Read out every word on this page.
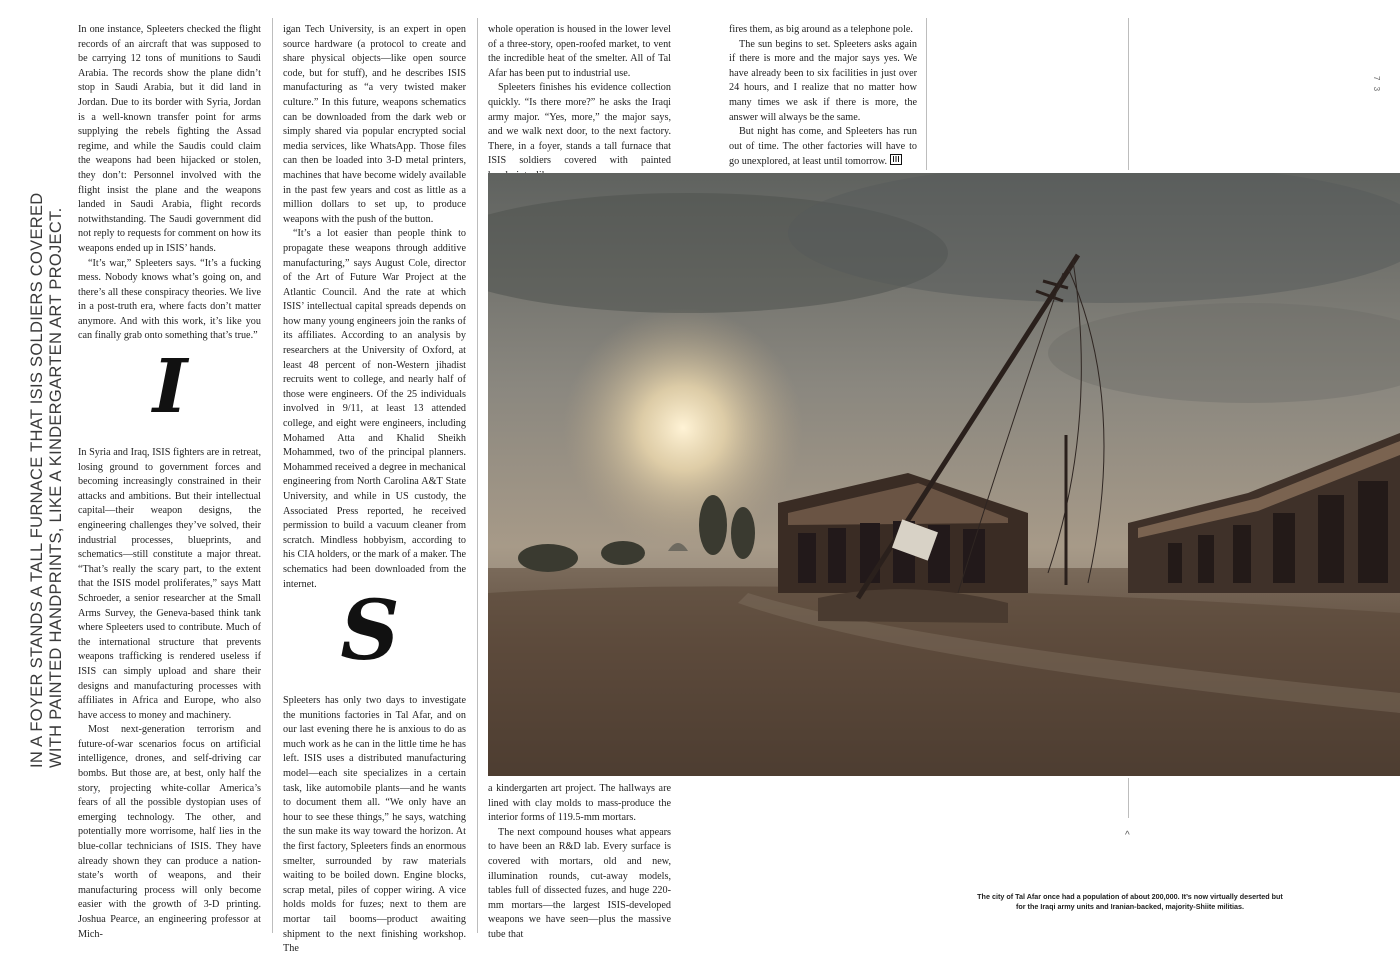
IN A FOYER STANDS A TALL FURNACE THAT ISIS SOLDIERS COVERED WITH PAINTED HANDPRINTS, LIKE A KINDERGARTEN ART PROJECT.

In one instance, Spleeters checked the flight records of an aircraft that was supposed to be carrying 12 tons of munitions to Saudi Arabia. The records show the plane didn’t stop in Saudi Arabia, but it did land in Jordan. Due to its border with Syria, Jordan is a well-known transfer point for arms supplying the rebels fighting the Assad regime, and while the Saudis could claim the weapons had been hijacked or stolen, they don’t: Personnel involved with the flight insist the plane and the weapons landed in Saudi Arabia, flight records notwithstanding. The Saudi government did not reply to requests for comment on how its weapons ended up in ISIS’ hands.

“It’s war,” Spleeters says. “It’s a fucking mess. Nobody knows what’s going on, and there’s all these conspiracy theories. We live in a post-truth era, where facts don’t matter anymore. And with this work, it’s like you can finally grab onto something that’s true.”

I

In Syria and Iraq, ISIS fighters are in retreat, losing ground to government forces and becoming increasingly constrained in their attacks and ambitions. But their intellectual capital—their weapon designs, the engineering challenges they’ve solved, their industrial processes, blueprints, and schematics—still constitute a major threat. “That’s really the scary part, to the extent that the ISIS model proliferates,” says Matt Schroeder, a senior researcher at the Small Arms Survey, the Geneva-based think tank where Spleeters used to contribute. Much of the international structure that prevents weapons trafficking is rendered useless if ISIS can simply upload and share their designs and manufacturing processes with affiliates in Africa and Europe, who also have access to money and machinery.

Most next-generation terrorism and future-of-war scenarios focus on artificial intelligence, drones, and self-driving car bombs. But those are, at best, only half the story, projecting white-collar America’s fears of all the possible dystopian uses of emerging technology. The other, and potentially more worrisome, half lies in the blue-collar technicians of ISIS. They have already shown they can produce a nation-state’s worth of weapons, and their manufacturing process will only become easier with the growth of 3-D printing. Joshua Pearce, an engineering professor at Mich-

igan Tech University, is an expert in open source hardware (a protocol to create and share physical objects—like open source code, but for stuff), and he describes ISIS manufacturing as “a very twisted maker culture.” In this future, weapons schematics can be downloaded from the dark web or simply shared via popular encrypted social media services, like WhatsApp. Those files can then be loaded into 3-D metal printers, machines that have become widely available in the past few years and cost as little as a million dollars to set up, to produce weapons with the push of the button.

“It’s a lot easier than people think to propagate these weapons through additive manufacturing,” says August Cole, director of the Art of Future War Project at the Atlantic Council. And the rate at which ISIS’ intellectual capital spreads depends on how many young engineers join the ranks of its affiliates. According to an analysis by researchers at the University of Oxford, at least 48 percent of non-Western jihadist recruits went to college, and nearly half of those were engineers. Of the 25 individuals involved in 9/11, at least 13 attended college, and eight were engineers, including Mohamed Atta and Khalid Sheikh Mohammed, two of the principal planners. Mohammed received a degree in mechanical engineering from North Carolina A&T State University, and while in US custody, the Associated Press reported, he received permission to build a vacuum cleaner from scratch. Mindless hobbyism, according to his CIA holders, or the mark of a maker. The schematics had been downloaded from the internet. S

Spleeters has only two days to investigate the munitions factories in Tal Afar, and on our last evening there he is anxious to do as much work as he can in the little time he has left. ISIS uses a distributed manufacturing model—each site specializes in a certain task, like automobile plants—and he wants to document them all. “We only have an hour to see these things,” he says, watching the sun make its way toward the horizon. At the first factory, Spleeters finds an enormous smelter, surrounded by raw materials waiting to be boiled down. Engine blocks, scrap metal, piles of copper wiring. A vice holds molds for fuzes; next to them are mortar tail booms—product awaiting shipment to the next finishing workshop. The

whole operation is housed in the lower level of a three-story, open-roofed market, to vent the incredible heat of the smelter. All of Tal Afar has been put to industrial use.

Spleeters finishes his evidence collection quickly. “Is there more?” he asks the Iraqi army major. “Yes, more,” the major says, and we walk next door, to the next factory. There, in a foyer, stands a tall furnace that ISIS soldiers covered with painted

fires them, as big around as a telephone pole.

The sun begins to set. Spleeters asks again if there is more and the major says yes. We have already been to six facilities in just over 24 hours, and I realize that no matter how many times we ask if there is more, the answer will always be the same.

But night has come, and Spleeters has run out of time. The other factories will have to go unexplored, at least until tomorrow.

a kindergarten art project. The hallways are lined with clay molds to mass-produce the interior forms of 119.5-mm mortars.

The next compound houses what appears to have been an R&D lab. Every surface is covered with mortars, old and new, illumination rounds, cut-away models, tables full of dissected fuzes, and huge 220-mm mortars—the largest ISIS-developed weapons we have seen—plus the massive tube that

7 3
^
The city of Tal Afar once had a population of about 200,000. It’s now virtually deserted but for the Iraqi army units and Iranian-backed, majority-Shiite militias.
